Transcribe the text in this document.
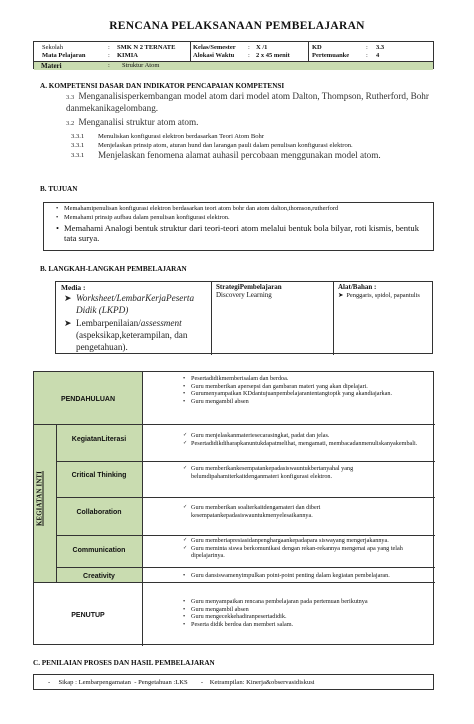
RENCANA PELAKSANAAN PEMBELAJARAN
Sekolah	: SMK N 2 TERNATE
Mata Pelajaran	: KIMIA
Kelas/Semester : X /1
Alokasi Waktu : 2 x 45 menit
KD	: 3.3
Pertemuanke	: 4
Materi	: Struktur Atom
A. KOMPETENSI DASAR DAN INDIKATOR PENCAPAIAN KOMPETENSI
3.3 Menganalisisperkembangan model atom dari model atom Dalton, Thompson, Rutherford, Bohr danmekanikagelombang.
3.2 Menganalisi struktur atom atom.
3.3.1 Menuliskan konfigurasi elektron berdasarkan Teori Atom Bohr
3.3.1 Menjelaskan prinsip atom, aturan hund dan larangan pauli dalam penulisan konfigurasi elektron.
3.3.1 Menjelaskan fenomena alamat auhasil percobaan menggunakan model atom.
B. TUJUAN
• Memahamipenulisan konfigurasi elektron berdasarkan teori atom bohr dan atom dalton,thomson,rutherford
• Memahami prinsip aufbau dalam penulisan konfigurasi elektron.
• Memahami Analogi bentuk struktur dari teori-teori atom melalui bentuk bola bilyar, roti kismis, bentuk tata surya.
B. LANGKAH-LANGKAH PEMBELAJARAN
Media :
➤ Worksheet/LembarKerjaPeserta Didik (LKPD)
➤ Lembarpenilaian/assessment (aspeksikap,keterampilan, dan pengetahuan).
StrategiPembelajaran
Discovery Learning
Alat/Bahan :
➤ Penggaris, spidol, papantulis
PENDAHULUAN
• Pesertadidikmemberisalam dan berdoa.
• Guru memberikan apersepsi dan gambaran materi yang akan dipelajari.
• Gurumenyampaikan KDdantujuanpembelajarantentangtopik yang akandiajarkan.
• Guru mengambil absen
KegiatanLiterasi
✓ Guru menjelaskanmateriesecarasingkat, padat dan jelas.
✓ Pesertadidikdiharapkanuntukdapatmelihat, mengamati, membacadanmenuliskanyakembali.
Critical Thinking
✓ Guru memberikankesempatankepadasiswauntukbertanyahal yang belumdipahamiterkaitdenganmateri konfigurasi elektron.
Collaboration
✓ Guru memberikan soalterkaitdengamateri dan diberi kesempatankepadasiswauntukmenyelesaikannya.
Communication
✓ Guru memberiapresiasidanpenghargaankepadapara siswayang mengerjakannya.
✓ Guru meminta siswa berkomunikasi dengan rekan-rekannya mengenai apa yang telah dipelajarinya.
Creativity
•	Guru dansiswamenyimpulkan point-point penting dalam kegiatan pembelajaran.
PENUTUP
• Guru menyampaikan rencana pembelajaran pada pertemuan berikutnya
• Guru mengambil absen
• Guru mengecekkehadiranpesertadidik.
• Peserta didik berdoa dan memberi salam.
KEGIATAN INTI
C. PENILAIAN PROSES DAN HASIL PEMBELAJARAN
-     Sikap : Lembarpengamatan  - Pengetahuan :LKS        -    Ketrampilan: Kinerja&observasidiskusi
